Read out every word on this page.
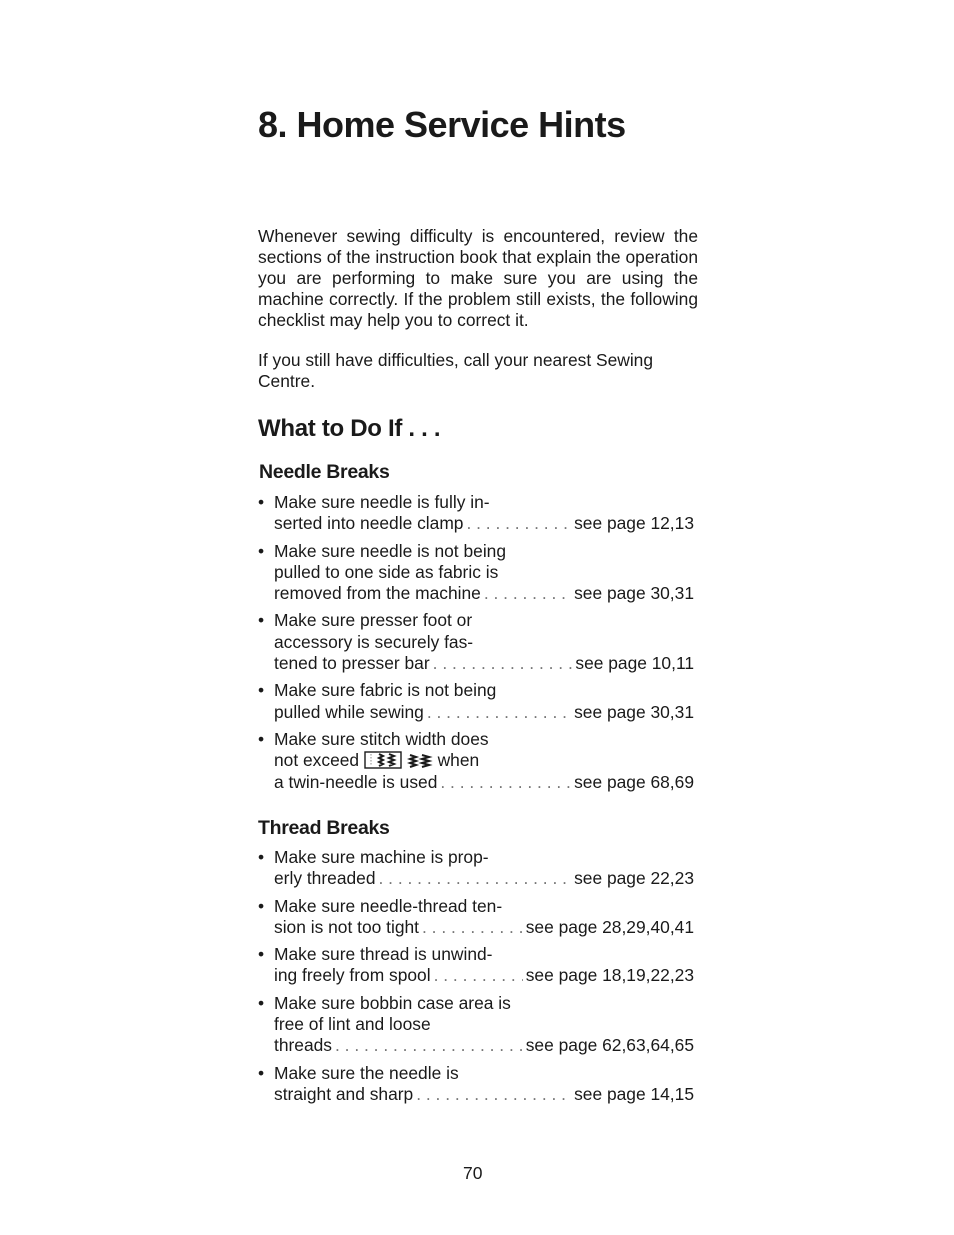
8. Home Service Hints

Whenever sewing difficulty is encountered, review the sections of the instruction book that explain the operation you are performing to make sure you are using the machine correctly. If the problem still exists, the following checklist may help you to correct it.

If you still have difficulties, call your nearest Sewing Centre.

What to Do If . . .
Needle Breaks
• Make sure needle is fully in-
serted into needle clamp . . .	see page 12,13
• Make sure needle is not being pulled to one side as fabric is
removed from the machine . . .	see page 30,31
• Make sure presser foot or accessory is securely fas-
tened to presser bar . . .	see page 10,11
• Make sure fabric is not being
pulled while sewing . . .	see page 30,31
• Make sure stitch width does
not exceed	when
a twin-needle is used . . .	see page 68,69
Thread Breaks
• Make sure machine is prop-
erly threaded . . .	see page 22,23
• Make sure needle-thread ten-
sion is not too tight . . .	see page 28,29,40,41
• Make sure thread is unwind-
ing freely from spool . . .	see page 18,19,22,23
• Make sure bobbin case area is free of lint and loose
threads . . .	see page 62,63,64,65
• Make sure the needle is
straight and sharp . . .	see page 14,15
70
